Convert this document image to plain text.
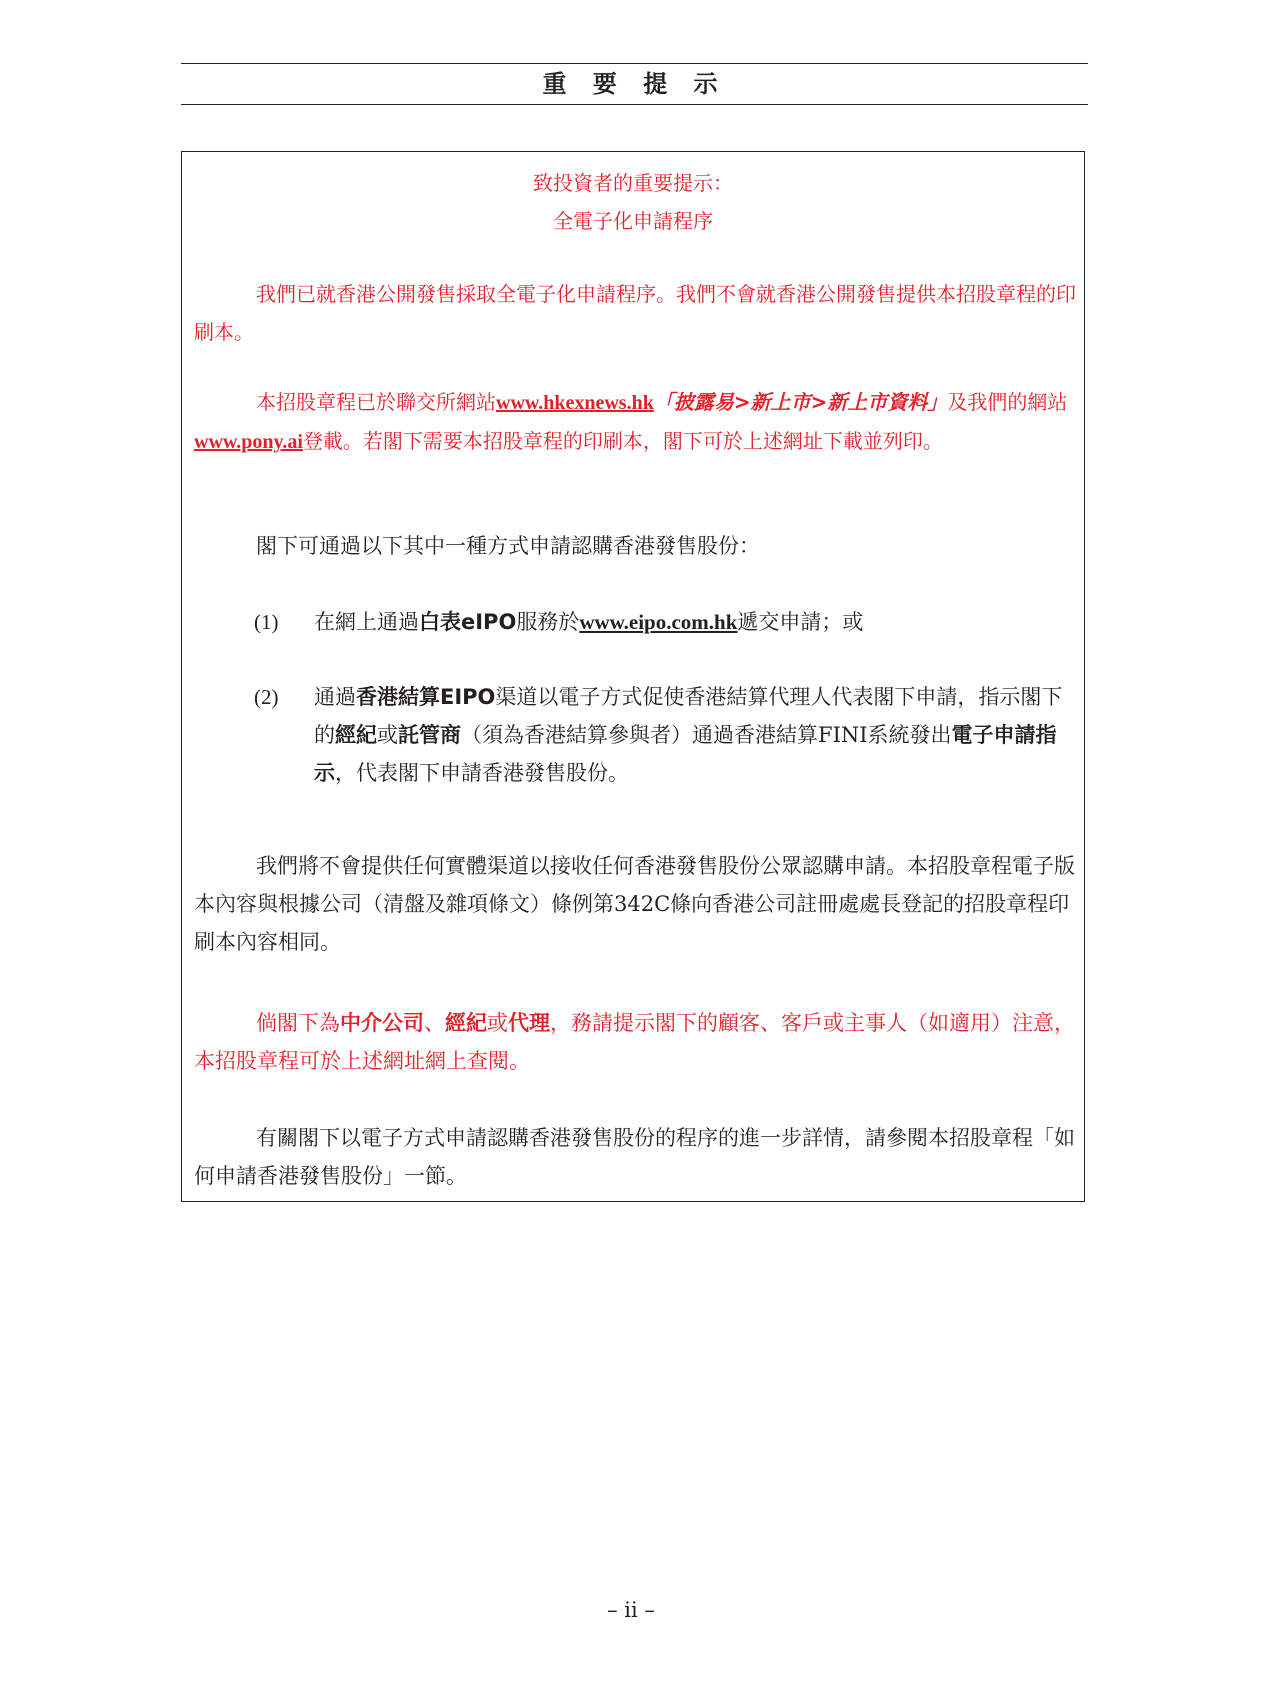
重 要 提 示
致投資者的重要提示：
全電子化申請程序

我們已就香港公開發售採取全電子化申請程序。我們不會就香港公開發售提供本招股章程的印刷本。

本招股章程已於聯交所網站www.hkexnews.hk「披露易>新上市>新上市資料」及我們的網站www.pony.ai登載。若閣下需要本招股章程的印刷本，閣下可於上述網址下載並列印。

閣下可通過以下其中一種方式申請認購香港發售股份：

(1)	在網上通過白表eIPO服務於www.eipo.com.hk遞交申請；或
(2)	通過香港結算EIPO渠道以電子方式促使香港結算代理人代表閣下申請，指示閣下的經紀或託管商（須為香港結算參與者）通過香港結算FINI系統發出電子申請指示，代表閣下申請香港發售股份。

我們將不會提供任何實體渠道以接收任何香港發售股份公眾認購申請。本招股章程電子版本內容與根據公司（清盤及雜項條文）條例第342C條向香港公司註冊處處長登記的招股章程印刷本內容相同。

倘閣下為中介公司、經紀或代理，務請提示閣下的顧客、客戶或主事人（如適用）注意，本招股章程可於上述網址網上查閱。

有關閣下以電子方式申請認購香港發售股份的程序的進一步詳情，請參閱本招股章程「如何申請香港發售股份」一節。

– ii –
